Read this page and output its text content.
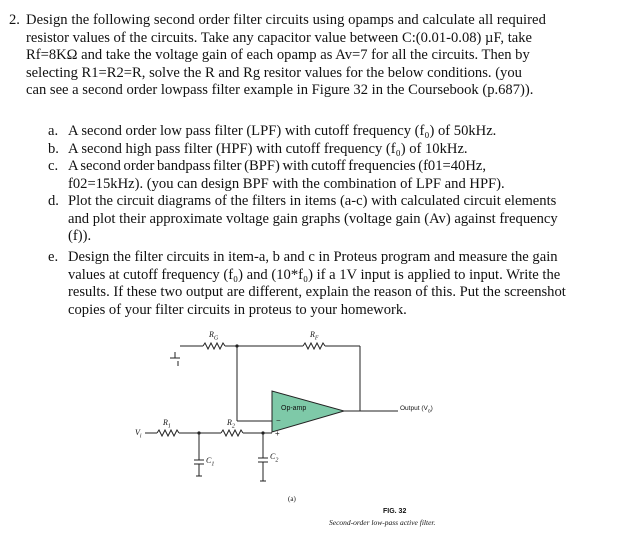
2. Design the following second order filter circuits using opamps and calculate all required
resistor values of the circuits. Take any capacitor value between C:(0.01-0.08) µF, take
Rf=8KΩ and take the voltage gain of each opamp as Av=7 for all the circuits. Then by
selecting R1=R2=R, solve the R and Rg resitor values for the below conditions. (you
can see a second order lowpass filter example in Figure 32 in the Coursebook (p.687)).
a. A second order low pass filter (LPF) with cutoff frequency (f₀) of 50kHz.
b. A second high pass filter (HPF) with cutoff frequency (f₀) of 10kHz.
c. A second order bandpass filter (BPF) with cutoff frequencies (f01=40Hz,
f02=15kHz). (you can design BPF with the combination of LPF and HPF).
d. Plot the circuit diagrams of the filters in items (a-c) with calculated circuit elements
and plot their approximate voltage gain graphs (voltage gain (Av) against frequency
(f)).
e. Design the filter circuits in item-a, b and c in Proteus program and measure the gain
values at cutoff frequency (f₀) and (10*f₀) if a 1V input is applied to input. Write the
results. If these two output are different, explain the reason of this. Put the screenshot
copies of your filter circuits in proteus to your homework.
−
+
$R_G$	$R_F$
Op-amp	Output $(V_o)$
$R_1$	$R_2$
$V_i$
$C_1$
$C_2$
(a)
FIG. 32
Second-order low-pass active filter.
